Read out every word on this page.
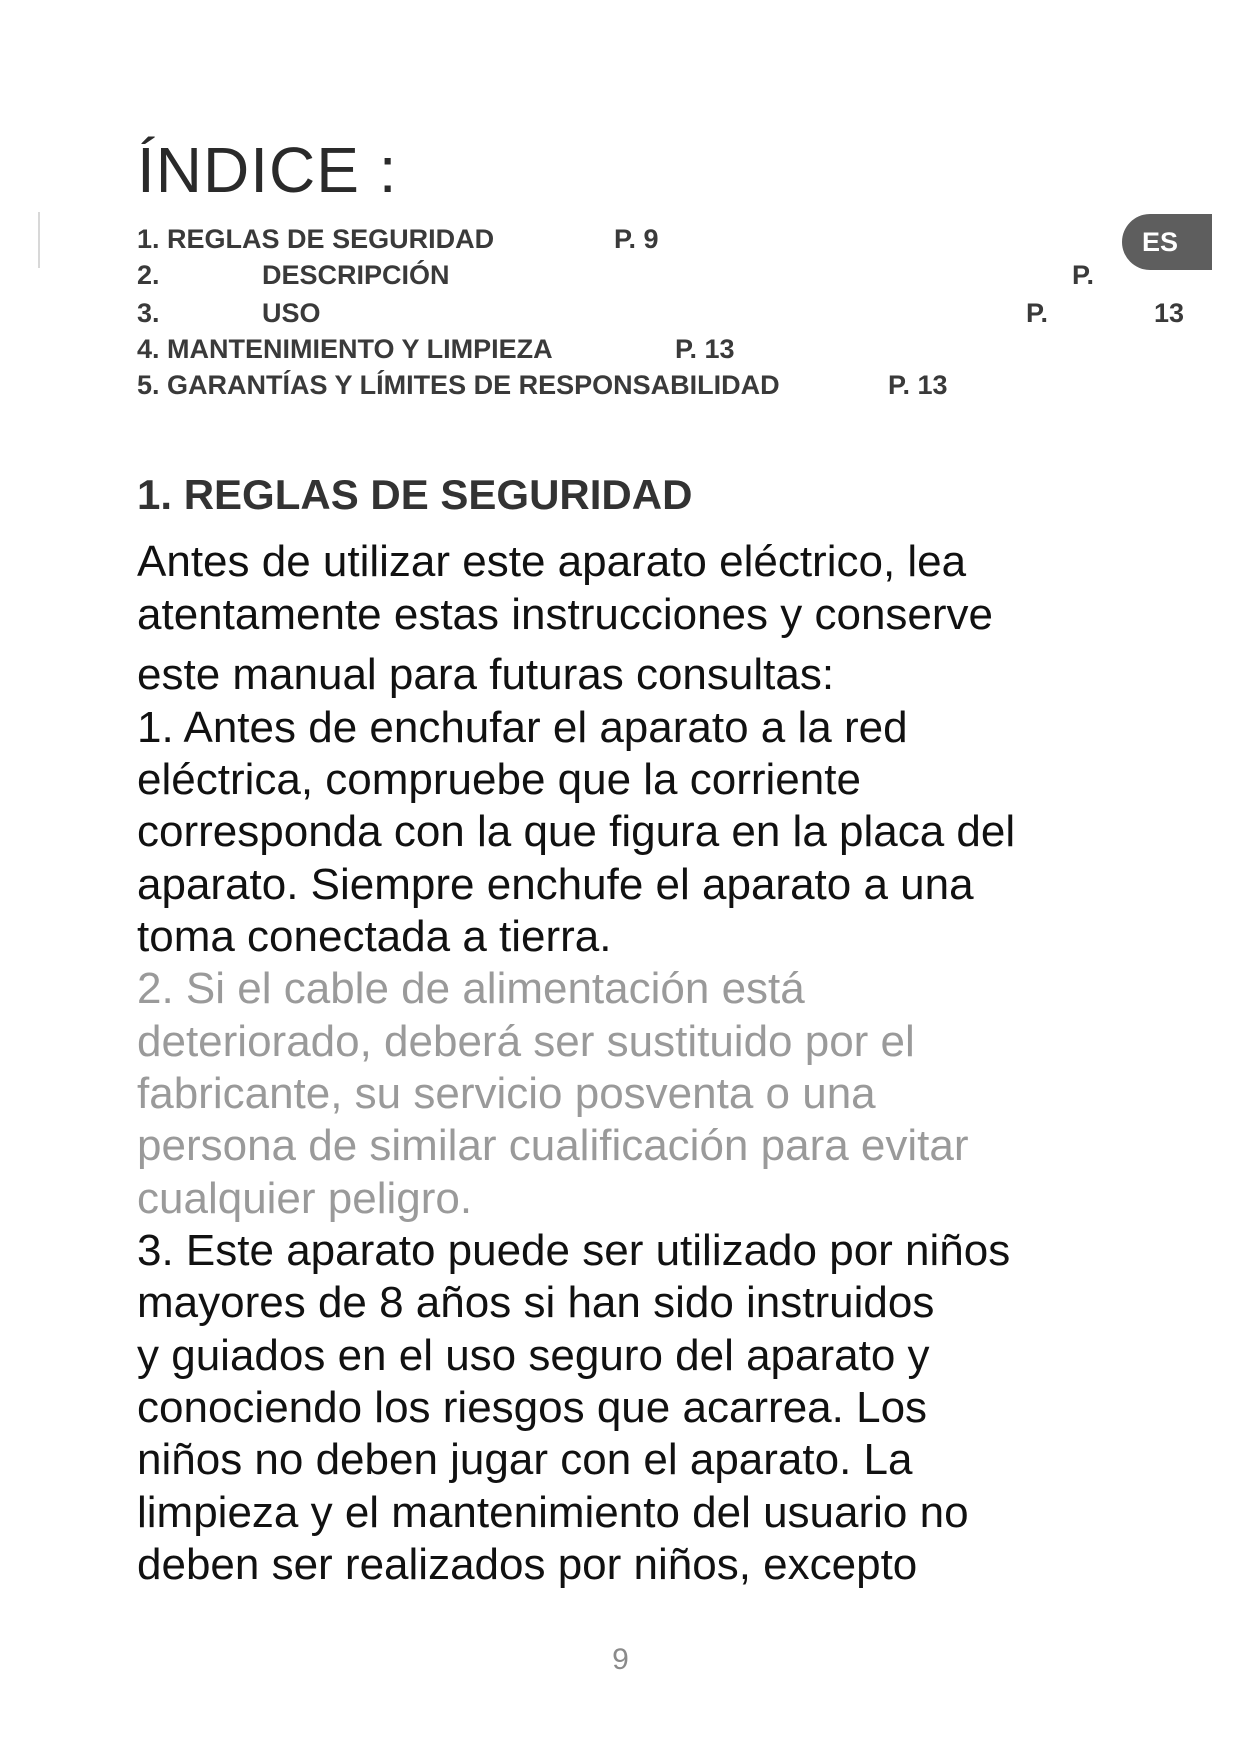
ÍNDICE :
1. REGLAS DE SEGURIDAD	P. 9
2.	DESCRIPCIÓN	P.
3.	USO	P.	13
4. MANTENIMIENTO Y LIMPIEZA	P. 13
5. GARANTÍAS Y LÍMITES DE RESPONSABILIDAD	P. 13
ES
1. REGLAS DE SEGURIDAD
Antes de utilizar este aparato eléctrico, lea
atentamente estas instrucciones y conserve
este manual para futuras consultas:
1. Antes de enchufar el aparato a la red
eléctrica, compruebe que la corriente
corresponda con la que figura en la placa del
aparato. Siempre enchufe el aparato a una
toma conectada a tierra.
2. Si el cable de alimentación está
deteriorado, deberá ser sustituido por el
fabricante, su servicio posventa o una
persona de similar cualificación para evitar
cualquier peligro.
3. Este aparato puede ser utilizado por niños
mayores de 8 años si han sido instruidos
y guiados en el uso seguro del aparato y
conociendo los riesgos que acarrea. Los
niños no deben jugar con el aparato. La
limpieza y el mantenimiento del usuario no
deben ser realizados por niños, excepto
9
